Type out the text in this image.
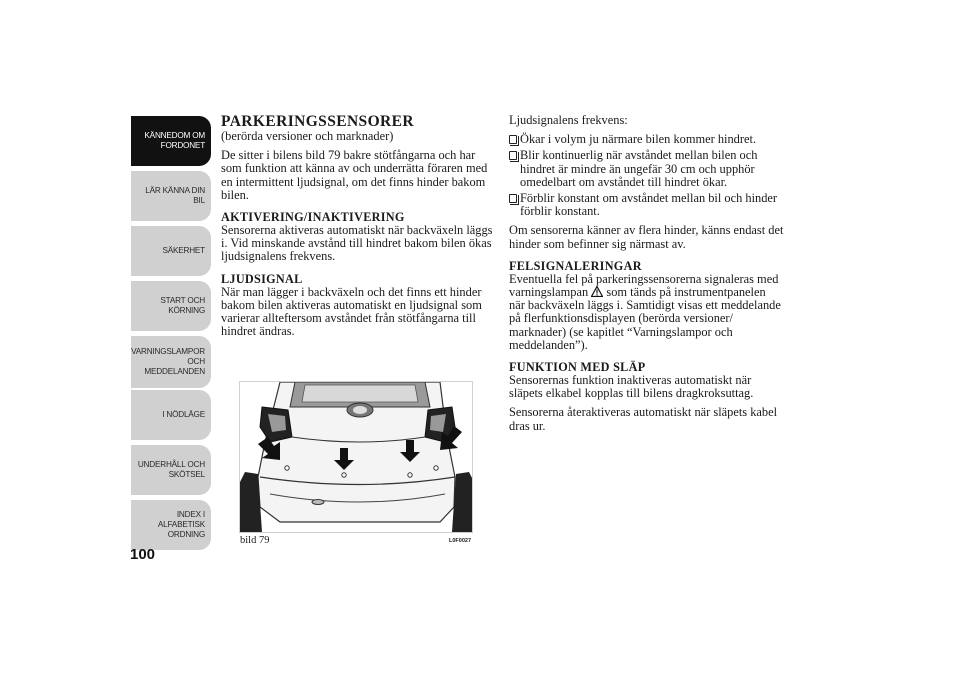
KÄNNEDOM OM
FORDONET
LÄR KÄNNA DIN
BIL
SÄKERHET
START OCH
KÖRNING
VARNINGSLAMPOR
OCH
MEDDELANDEN
I NÖDLÄGE
UNDERHÅLL OCH
SKÖTSEL
INDEX I
ALFABETISK
ORDNING
100
PARKERINGSSENSORER
(berörda versioner och marknader)
De sitter i bilens bild 79 bakre stötfångarna och har som funktion att känna av och underrätta föraren med en intermittent ljudsignal, om det finns hinder bakom bilen.
AKTIVERING/INAKTIVERING
Sensorerna aktiveras automatiskt när backväxeln läggs i. Vid minskande avstånd till hindret bakom bilen ökas ljudsignalens frekvens.
LJUDSIGNAL
När man lägger i backväxeln och det finns ett hinder bakom bilen aktiveras automatiskt en ljudsignal som varierar allteftersom avståndet från stötfångarna till hindret ändras.
Ljudsignalens frekvens:
Ökar i volym ju närmare bilen kommer hindret.
Blir kontinuerlig när avståndet mellan bilen och hindret är mindre än ungefär 30 cm och upphör omedelbart om avståndet till hindret ökar.
Förblir konstant om avståndet mellan bil och hinder förblir konstant.
Om sensorerna känner av flera hinder, känns endast det hinder som befinner sig närmast av.
FELSIGNALERINGAR
Eventuella fel på parkeringssensorerna signaleras med varningslampan som tänds på instrumentpanelen när backväxeln läggs i. Samtidigt visas ett meddelande på flerfunktionsdisplayen (berörda versioner/ marknader) (se kapitlet “Varningslampor och meddelanden”).
FUNKTION MED SLÄP
Sensorernas funktion inaktiveras automatiskt när släpets elkabel kopplas till bilens dragkroksuttag.
Sensorerna återaktiveras automatiskt när släpets kabel dras ur.
bild 79	L0F0027
